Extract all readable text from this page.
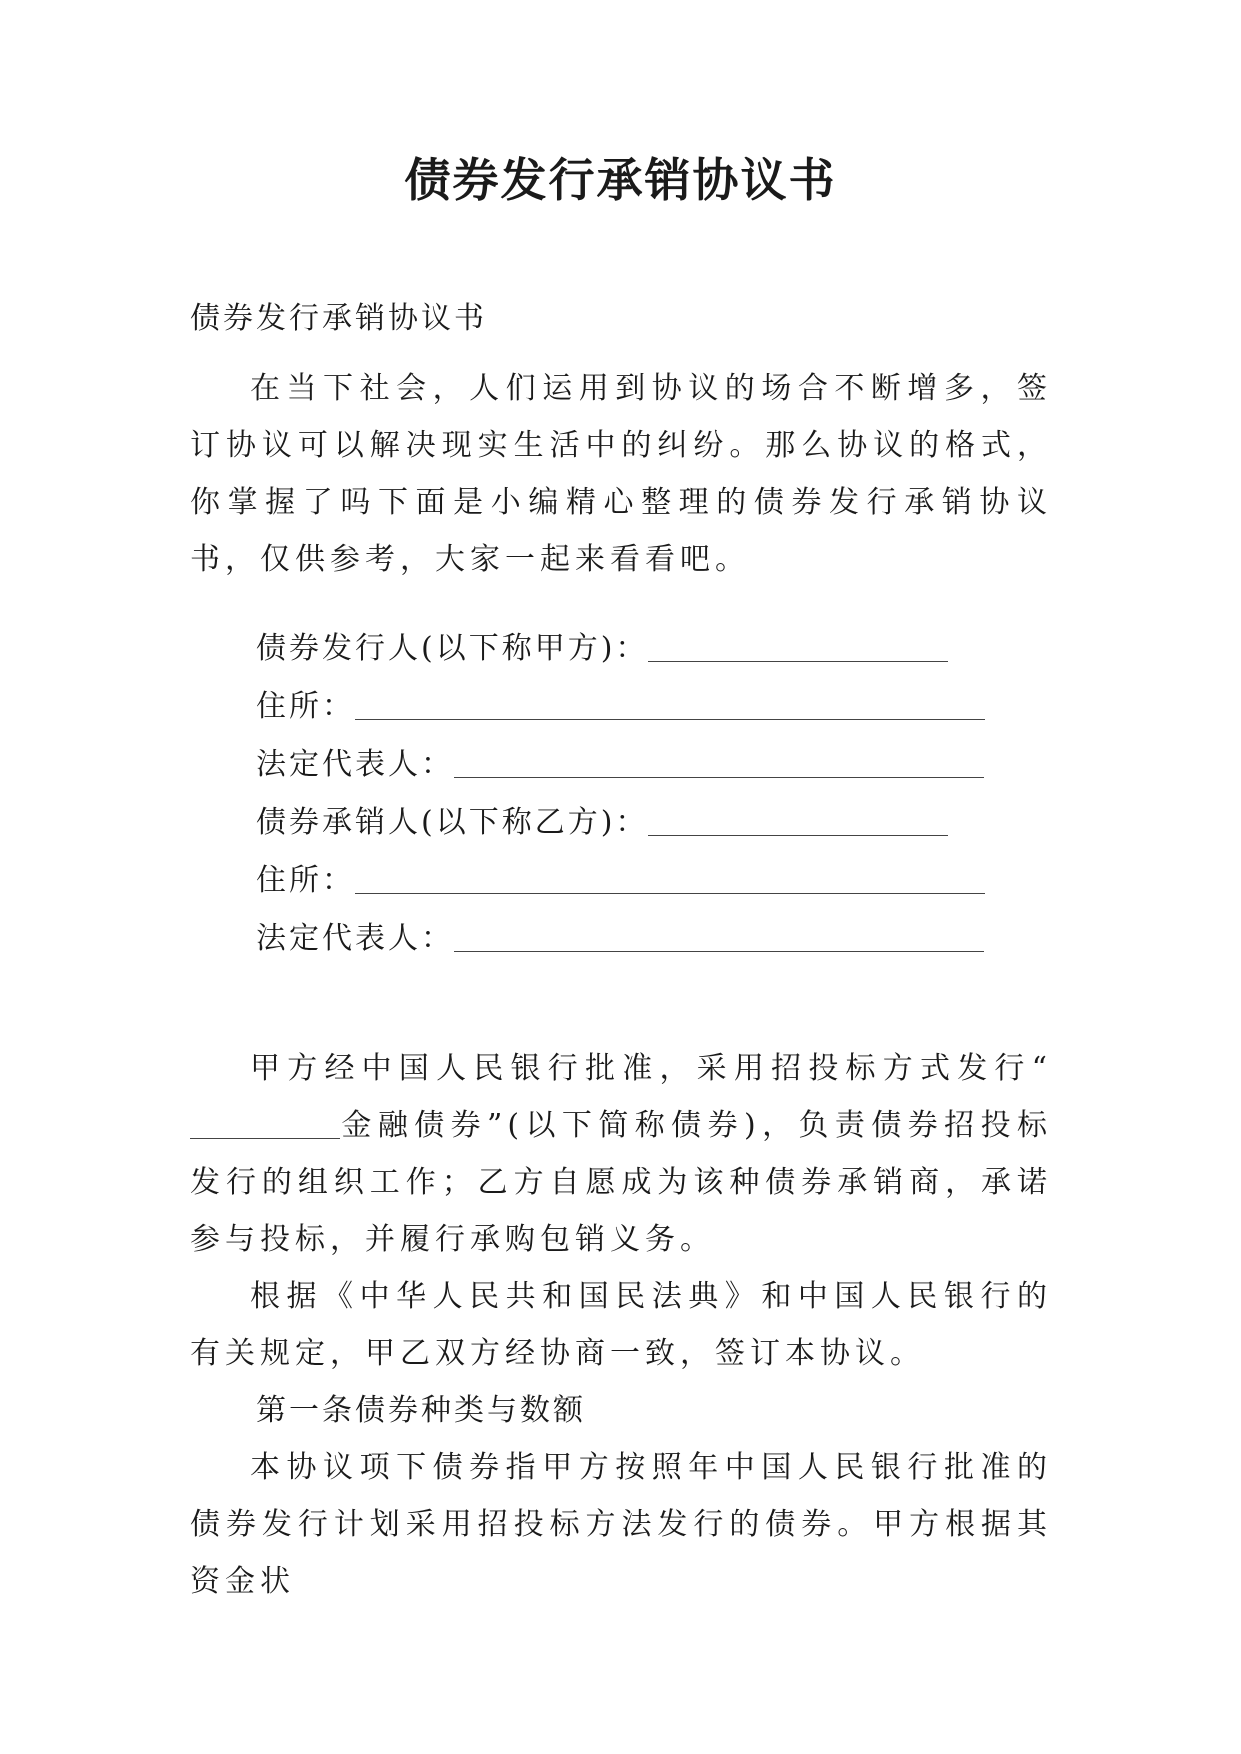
债券发行承销协议书
债券发行承销协议书

在当下社会，人们运用到协议的场合不断增多，签订协议可以解决现实生活中的纠纷。那么协议的格式，你掌握了吗下面是小编精心整理的债券发行承销协议书，仅供参考，大家一起来看看吧。

债券发行人(以下称甲方)：

住所：

法定代表人：

债券承销人(以下称乙方)：

住所：

法定代表人：

甲方经中国人民银行批准，采用招投标方式发行“金融债券”(以下简称债券)，负责债券招投标发行的组织工作；乙方自愿成为该种债券承销商，承诺参与投标，并履行承购包销义务。

根据《中华人民共和国民法典》和中国人民银行的有关规定，甲乙双方经协商一致，签订本协议。

第一条债券种类与数额

本协议项下债券指甲方按照年中国人民银行批准的债券发行计划采用招投标方法发行的债券。甲方根据其资金状
